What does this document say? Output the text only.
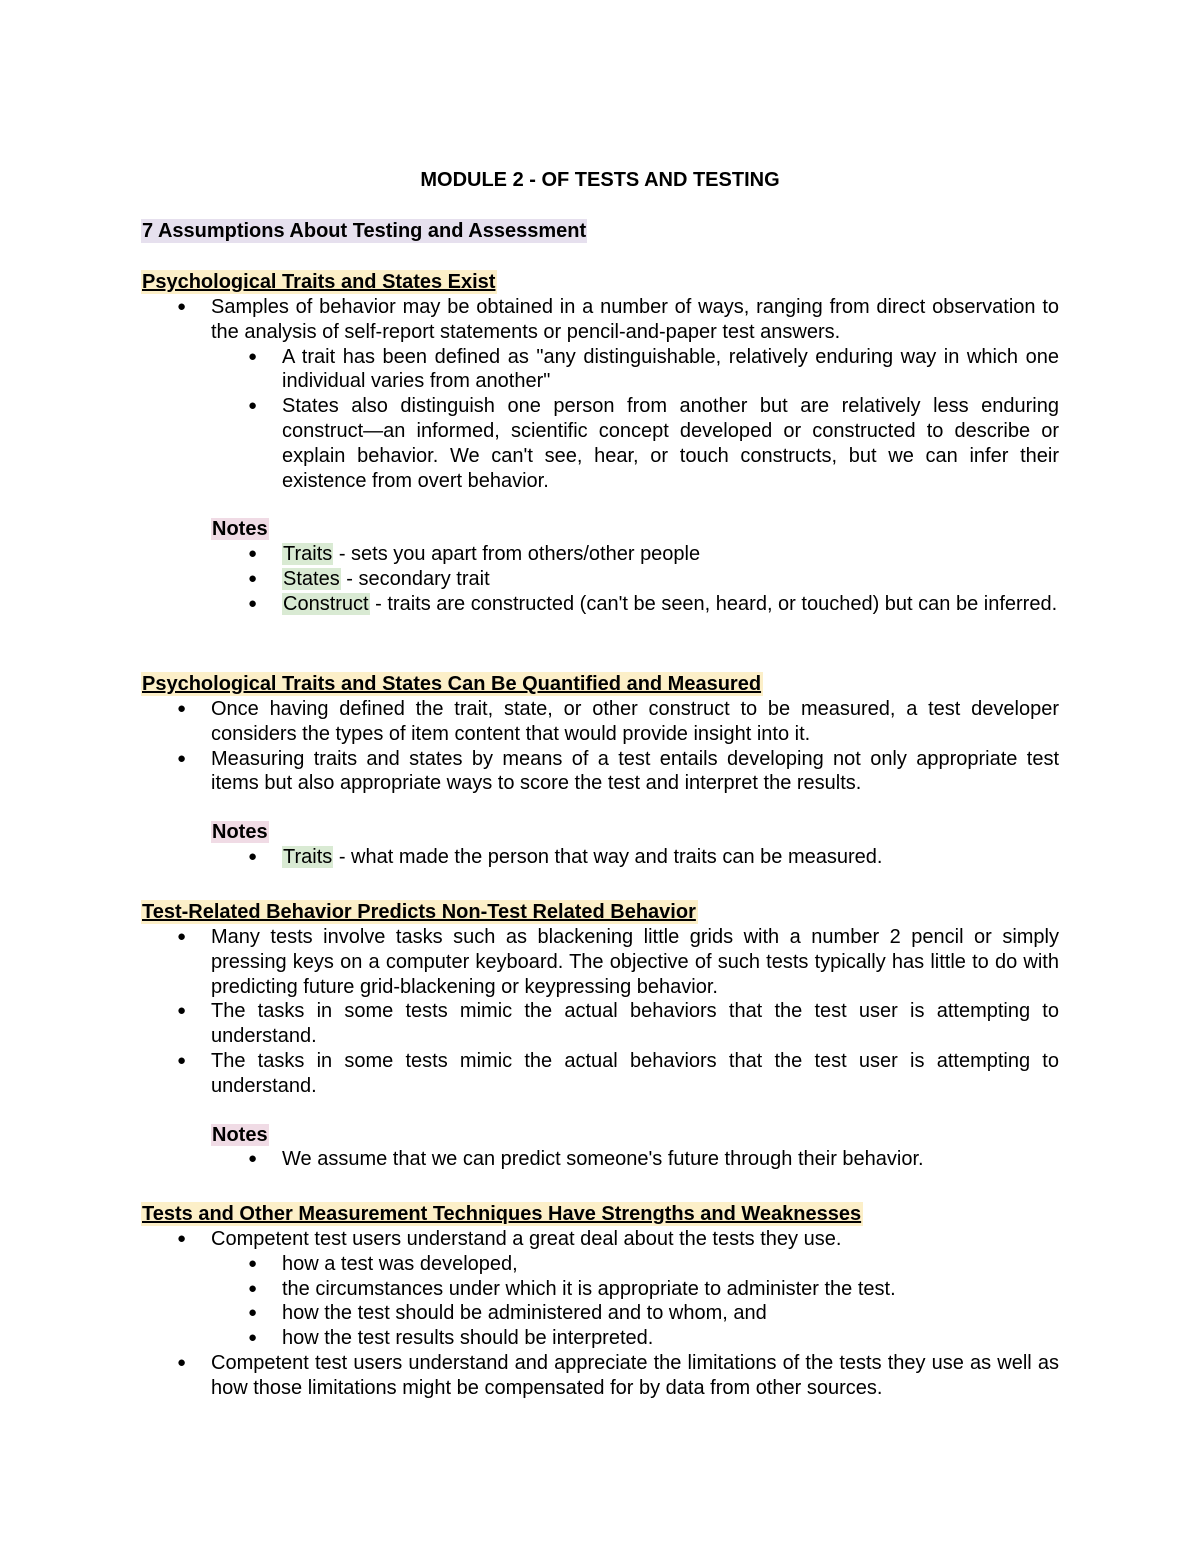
MODULE 2 - OF TESTS AND TESTING
7 Assumptions About Testing and Assessment
Psychological Traits and States Exist
● Samples of behavior may be obtained in a number of ways, ranging from direct observation to the analysis of self-report statements or pencil-and-paper test answers.
● A trait has been defined as "any distinguishable, relatively enduring way in which one individual varies from another"
● States also distinguish one person from another but are relatively less enduring construct—an informed, scientific concept developed or constructed to describe or explain behavior. We can't see, hear, or touch constructs, but we can infer their existence from overt behavior.
Notes
● Traits - sets you apart from others/other people
● States - secondary trait
● Construct - traits are constructed (can't be seen, heard, or touched) but can be inferred.
Psychological Traits and States Can Be Quantified and Measured
● Once having defined the trait, state, or other construct to be measured, a test developer considers the types of item content that would provide insight into it.
● Measuring traits and states by means of a test entails developing not only appropriate test items but also appropriate ways to score the test and interpret the results.
Notes
● Traits - what made the person that way and traits can be measured.
Test-Related Behavior Predicts Non-Test Related Behavior
● Many tests involve tasks such as blackening little grids with a number 2 pencil or simply pressing keys on a computer keyboard. The objective of such tests typically has little to do with predicting future grid-blackening or keypressing behavior.
● The tasks in some tests mimic the actual behaviors that the test user is attempting to understand.
● The tasks in some tests mimic the actual behaviors that the test user is attempting to understand.
Notes
● We assume that we can predict someone's future through their behavior.
Tests and Other Measurement Techniques Have Strengths and Weaknesses
● Competent test users understand a great deal about the tests they use.
● how a test was developed,
● the circumstances under which it is appropriate to administer the test.
● how the test should be administered and to whom, and
● how the test results should be interpreted.
● Competent test users understand and appreciate the limitations of the tests they use as well as how those limitations might be compensated for by data from other sources.
